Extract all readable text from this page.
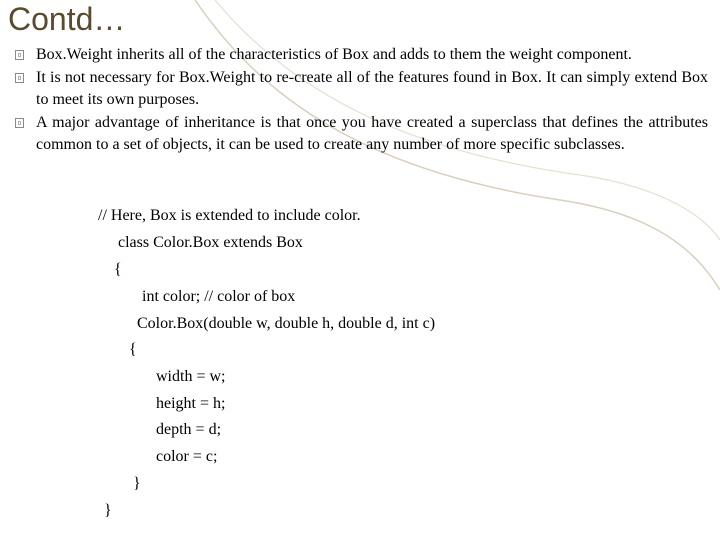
Contd…
Box.Weight inherits all of the characteristics of Box and adds to them the weight component.
It is not necessary for Box.Weight to re-create all of the features found in Box. It can simply extend Box to meet its own purposes.
A major advantage of inheritance is that once you have created a superclass that defines the attributes common to a set of objects, it can be used to create any number of more specific subclasses.
// Here, Box is extended to include color.
class Color.Box extends Box
{
int color; // color of box
Color.Box(double w, double h, double d, int c)
{
width = w;
height = h;
depth = d;
color = c;
}
}
